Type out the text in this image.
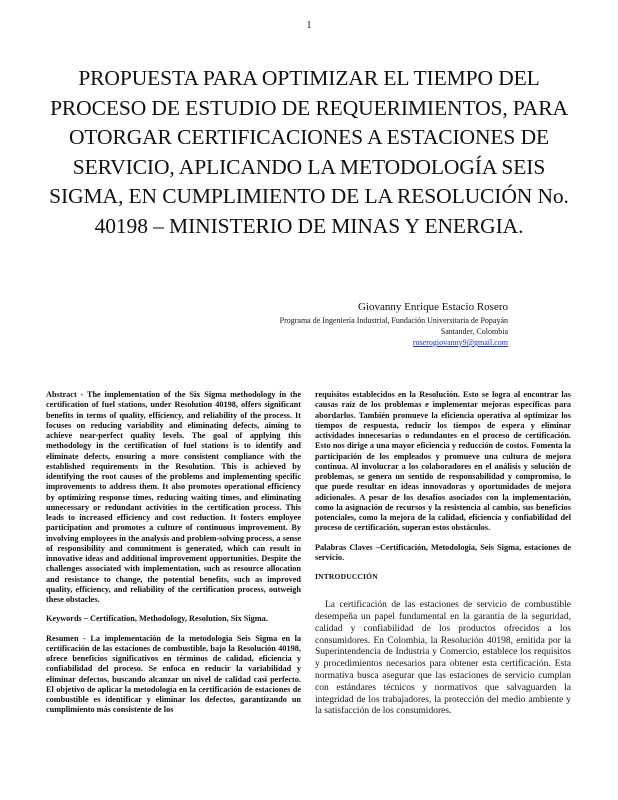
1
PROPUESTA PARA OPTIMIZAR EL TIEMPO DEL PROCESO DE ESTUDIO DE REQUERIMIENTOS, PARA OTORGAR CERTIFICACIONES A ESTACIONES DE SERVICIO, APLICANDO LA METODOLOGÍA SEIS SIGMA, EN CUMPLIMIENTO DE LA RESOLUCIÓN No. 40198 – MINISTERIO DE MINAS Y ENERGIA.
Giovanny Enrique Estacio Rosero
Programa de Ingeniería Industrial, Fundación Universitaria de Popayán
Santander, Colombia
roserogiovanny9@gmail.com

Abstract - The implementation of the Six Sigma methodology in the certification of fuel stations, under Resolution 40198, offers significant benefits in terms of quality, efficiency, and reliability of the process. It focuses on reducing variability and eliminating defects, aiming to achieve near-perfect quality levels. The goal of applying this methodology in the certification of fuel stations is to identify and eliminate defects, ensuring a more consistent compliance with the established requirements in the Resolution. This is achieved by identifying the root causes of the problems and implementing specific improvements to address them. It also promotes operational efficiency by optimizing response times, reducing waiting times, and eliminating unnecessary or redundant activities in the certification process. This leads to increased efficiency and cost reduction. It fosters employee participation and promotes a culture of continuous improvement. By involving employees in the analysis and problem-solving process, a sense of responsibility and commitment is generated, which can result in innovative ideas and additional improvement opportunities. Despite the challenges associated with implementation, such as resource allocation and resistance to change, the potential benefits, such as improved quality, efficiency, and reliability of the certification process, outweigh these obstacles.

Keywords – Certification, Methodology, Resolution, Six Sigma.

Resumen - La implementación de la metodología Seis Sigma en la certificación de las estaciones de combustible, bajo la Resolución 40198, ofrece beneficios significativos en términos de calidad, eficiencia y confiabilidad del proceso. Se enfoca en reducir la variabilidad y eliminar defectos, buscando alcanzar un nivel de calidad casi perfecto. El objetivo de aplicar la metodología en la certificación de estaciones de combustible es identificar y eliminar los defectos, garantizando un cumplimiento más consistente de los

requisitos establecidos en la Resolución. Esto se logra al encontrar las causas raíz de los problemas e implementar mejoras específicas para abordarlos. También promueve la eficiencia operativa al optimizar los tiempos de respuesta, reducir los tiempos de espera y eliminar actividades innecesarias o redundantes en el proceso de certificación. Esto nos dirige a una mayor eficiencia y reducción de costos. Fomenta la participación de los empleados y promueve una cultura de mejora continua. Al involucrar a los colaboradores en el análisis y solución de problemas, se genera un sentido de responsabilidad y compromiso, lo que puede resultar en ideas innovadoras y oportunidades de mejora adicionales. A pesar de los desafíos asociados con la implementación, como la asignación de recursos y la resistencia al cambio, sus beneficios potenciales, como la mejora de la calidad, eficiencia y confiabilidad del proceso de certificación, superan estos obstáculos.

Palabras Claves –Certificación, Metodología, Seis Sigma, estaciones de servicio.

INTRODUCCIÓN

La certificación de las estaciones de servicio de combustible desempeña un papel fundamental en la garantía de la seguridad, calidad y confiabilidad de los productos ofrecidos a los consumidores. En Colombia, la Resolución 40198, emitida por la Superintendencia de Industria y Comercio, establece los requisitos y procedimientos necesarios para obtener esta certificación. Esta normativa busca asegurar que las estaciones de servicio cumplan con estándares técnicos y normativos que salvaguarden la integridad de los trabajadores, la protección del medio ambiente y la satisfacción de los consumidores.
